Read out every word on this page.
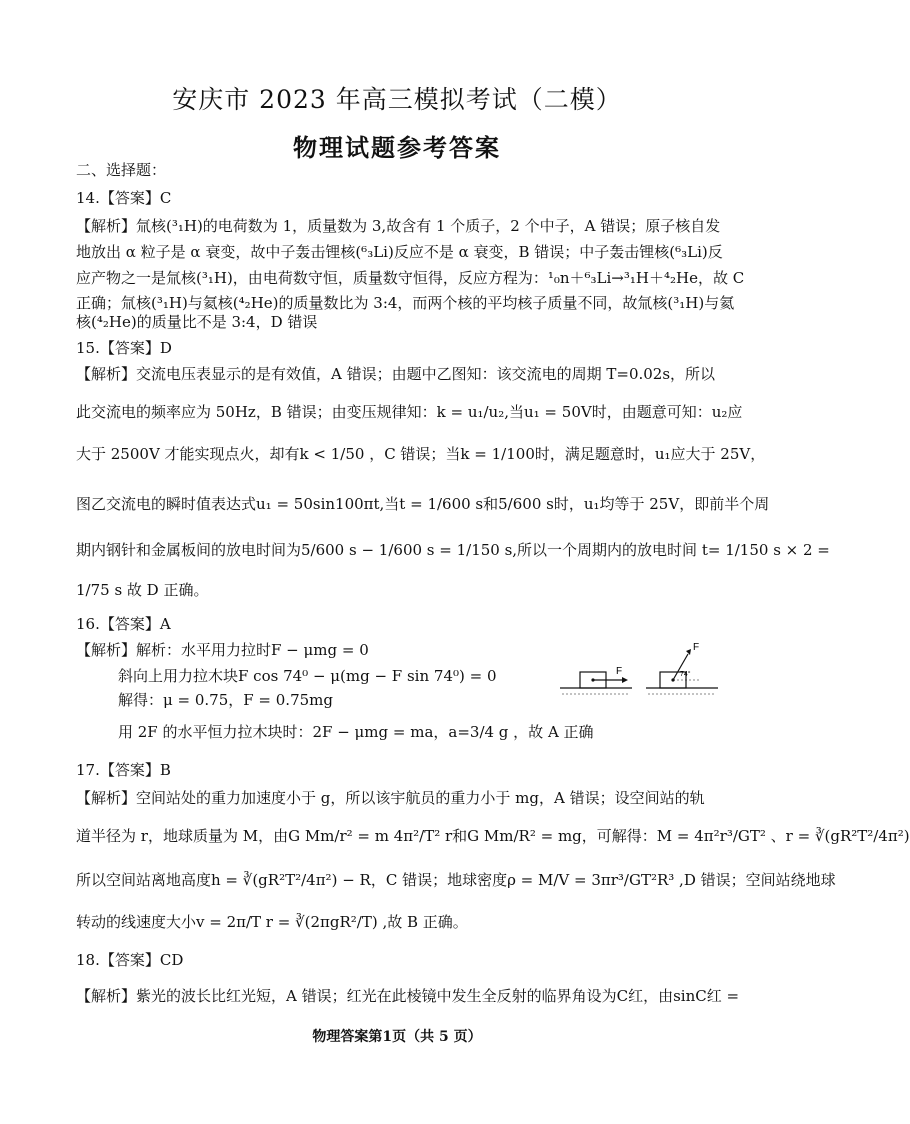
安庆市 2023 年高三模拟考试（二模）
物理试题参考答案
二、选择题：
14.【答案】C
【解析】氚核(³₁H)的电荷数为 1，质量数为 3,故含有 1 个质子，2 个中子，A 错误；原子核自发
地放出 α 粒子是 α 衰变，故中子轰击锂核(⁶₃Li)反应不是 α 衰变，B 错误；中子轰击锂核(⁶₃Li)反
应产物之一是氚核(³₁H)，由电荷数守恒，质量数守恒得，反应方程为：¹₀n＋⁶₃Li→³₁H＋⁴₂He，故 C
正确；氚核(³₁H)与氦核(⁴₂He)的质量数比为 3:4，而两个核的平均核子质量不同，故氚核(³₁H)与氦
核(⁴₂He)的质量比不是 3:4，D 错误
15.【答案】D
【解析】交流电压表显示的是有效值，A 错误；由题中乙图知：该交流电的周期 T=0.02s，所以
此交流电的频率应为 50Hz，B 错误；由变压规律知：k = u₁/u₂,当u₁ = 50V时，由题意可知：u₂应
大于 2500V 才能实现点火，却有k < 1/50 ，C 错误；当k = 1/100时，满足题意时，u₁应大于 25V，
图乙交流电的瞬时值表达式u₁ = 50sin100πt,当t = 1/600 s和5/600 s时，u₁均等于 25V，即前半个周
期内钢针和金属板间的放电时间为5/600 s − 1/600 s = 1/150 s,所以一个周期内的放电时间 t= 1/150 s × 2 =
1/75 s 故 D 正确。
16.【答案】A
【解析】解析：水平用力拉时F − μmg = 0
斜向上用力拉木块F cos 74⁰ − μ(mg − F sin 74⁰) = 0
解得：μ = 0.75，F = 0.75mg
用 2F 的水平恒力拉木块时：2F − μmg = ma，a=3/4 g ，故 A 正确
17.【答案】B
【解析】空间站处的重力加速度小于 g，所以该宇航员的重力小于 mg，A 错误；设空间站的轨
道半径为 r，地球质量为 M，由G Mm/r² = m 4π²/T² r和G Mm/R² = mg，可解得：M = 4π²r³/GT² 、r = ∛(gR²T²/4π²)
所以空间站离地高度h = ∛(gR²T²/4π²) − R，C 错误；地球密度ρ = M/V = 3πr³/GT²R³ ,D 错误；空间站绕地球
转动的线速度大小v = 2π/T r = ∛(2πgR²/T) ,故 B 正确。
18.【答案】CD
【解析】紫光的波长比红光短，A 错误；红光在此棱镜中发生全反射的临界角设为C红，由sinC红 =
F
F
74°
物理答案第1页（共 5 页）
